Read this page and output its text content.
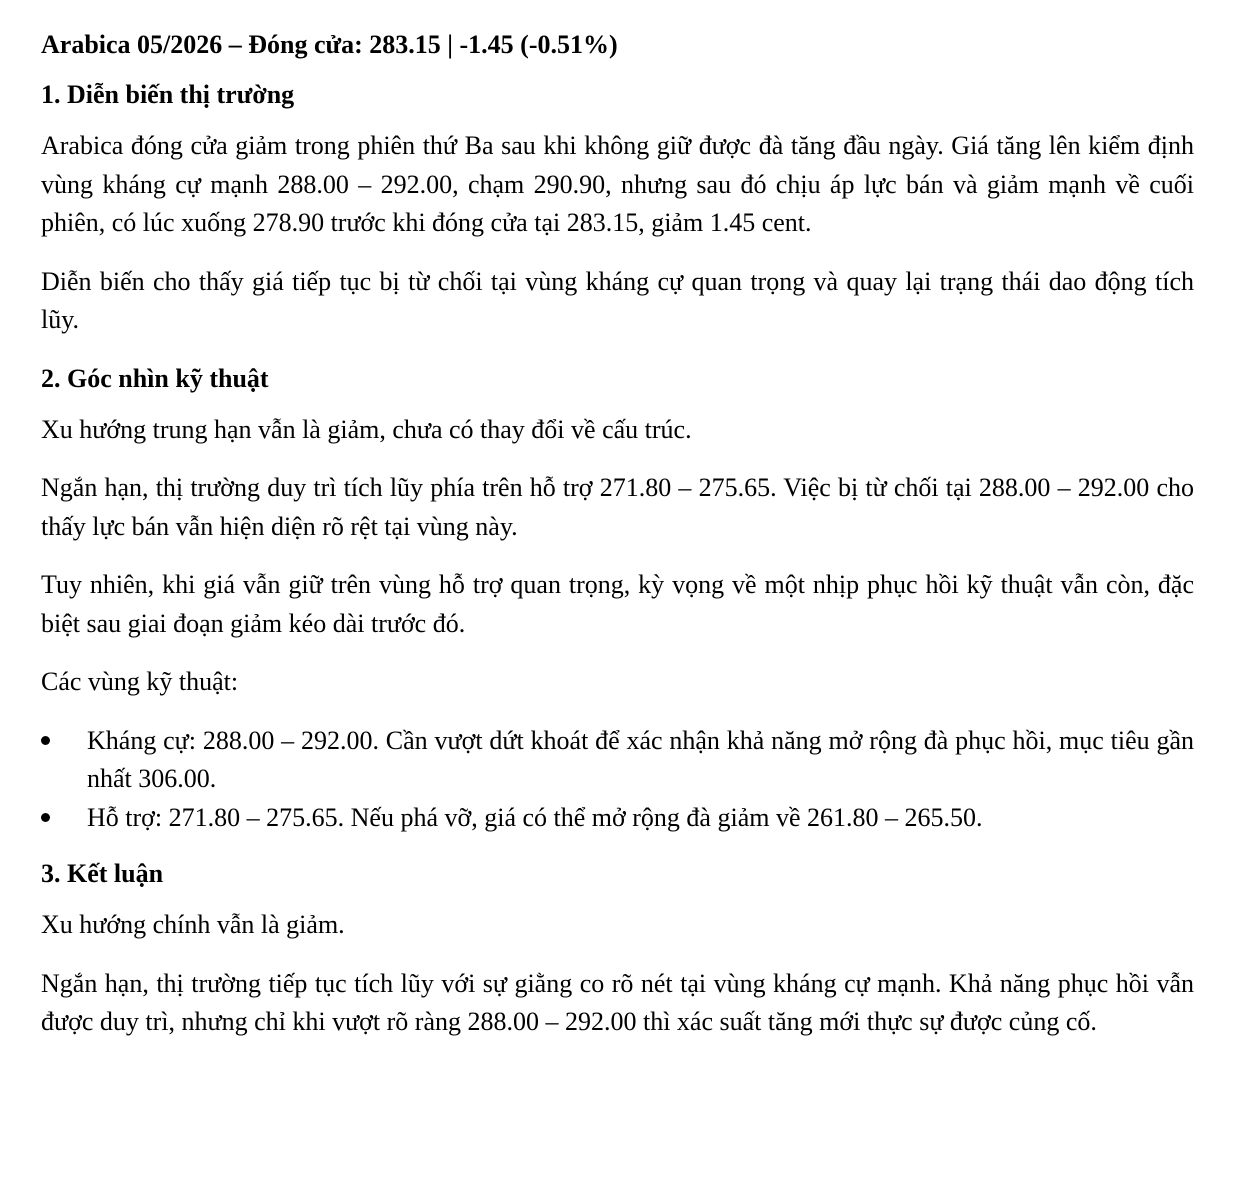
Arabica 05/2026 – Đóng cửa: 283.15 | -1.45 (-0.51%)
1. Diễn biến thị trường

Arabica đóng cửa giảm trong phiên thứ Ba sau khi không giữ được đà tăng đầu ngày. Giá tăng lên kiểm định vùng kháng cự mạnh 288.00 – 292.00, chạm 290.90, nhưng sau đó chịu áp lực bán và giảm mạnh về cuối phiên, có lúc xuống 278.90 trước khi đóng cửa tại 283.15, giảm 1.45 cent.

Diễn biến cho thấy giá tiếp tục bị từ chối tại vùng kháng cự quan trọng và quay lại trạng thái dao động tích lũy.

2. Góc nhìn kỹ thuật

Xu hướng trung hạn vẫn là giảm, chưa có thay đổi về cấu trúc.

Ngắn hạn, thị trường duy trì tích lũy phía trên hỗ trợ 271.80 – 275.65. Việc bị từ chối tại 288.00 – 292.00 cho thấy lực bán vẫn hiện diện rõ rệt tại vùng này.

Tuy nhiên, khi giá vẫn giữ trên vùng hỗ trợ quan trọng, kỳ vọng về một nhịp phục hồi kỹ thuật vẫn còn, đặc biệt sau giai đoạn giảm kéo dài trước đó.

Các vùng kỹ thuật:

Kháng cự: 288.00 – 292.00. Cần vượt dứt khoát để xác nhận khả năng mở rộng đà phục hồi, mục tiêu gần nhất 306.00.
Hỗ trợ: 271.80 – 275.65. Nếu phá vỡ, giá có thể mở rộng đà giảm về 261.80 – 265.50.
3. Kết luận

Xu hướng chính vẫn là giảm.

Ngắn hạn, thị trường tiếp tục tích lũy với sự giằng co rõ nét tại vùng kháng cự mạnh. Khả năng phục hồi vẫn được duy trì, nhưng chỉ khi vượt rõ ràng 288.00 – 292.00 thì xác suất tăng mới thực sự được củng cố.
